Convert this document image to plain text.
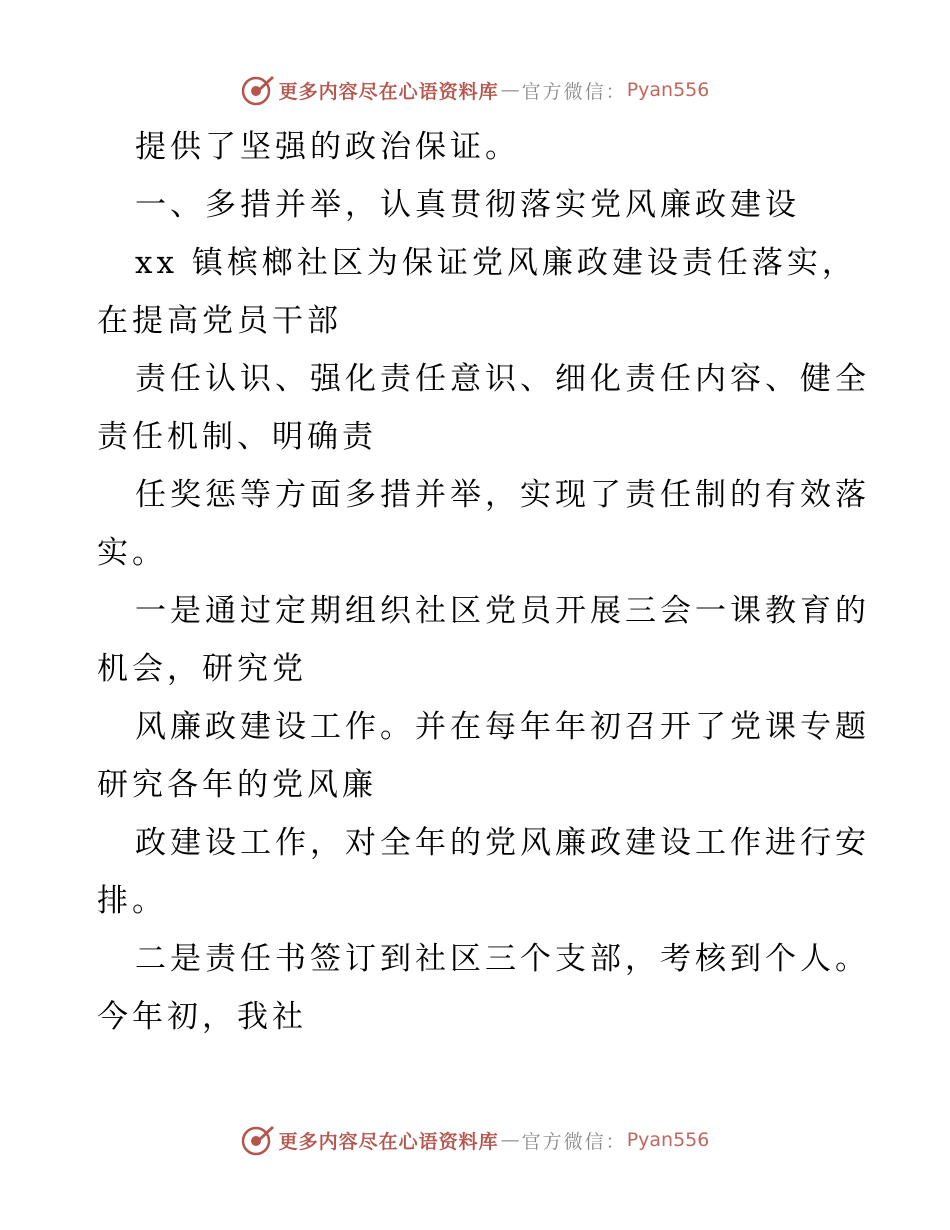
更多内容尽在心语资料库 — 官方微信： Pyan556
提供了坚强的政治保证。
一、多措并举，认真贯彻落实党风廉政建设
xx 镇槟榔社区为保证党风廉政建设责任落实，
在提高党员干部
责任认识、强化责任意识、细化责任内容、健全
责任机制、明确责
任奖惩等方面多措并举，实现了责任制的有效落
实。
一是通过定期组织社区党员开展三会一课教育的
机会，研究党
风廉政建设工作。并在每年年初召开了党课专题
研究各年的党风廉
政建设工作，对全年的党风廉政建设工作进行安
排。
二是责任书签订到社区三个支部，考核到个人。
今年初，我社
更多内容尽在心语资料库 — 官方微信： Pyan556
